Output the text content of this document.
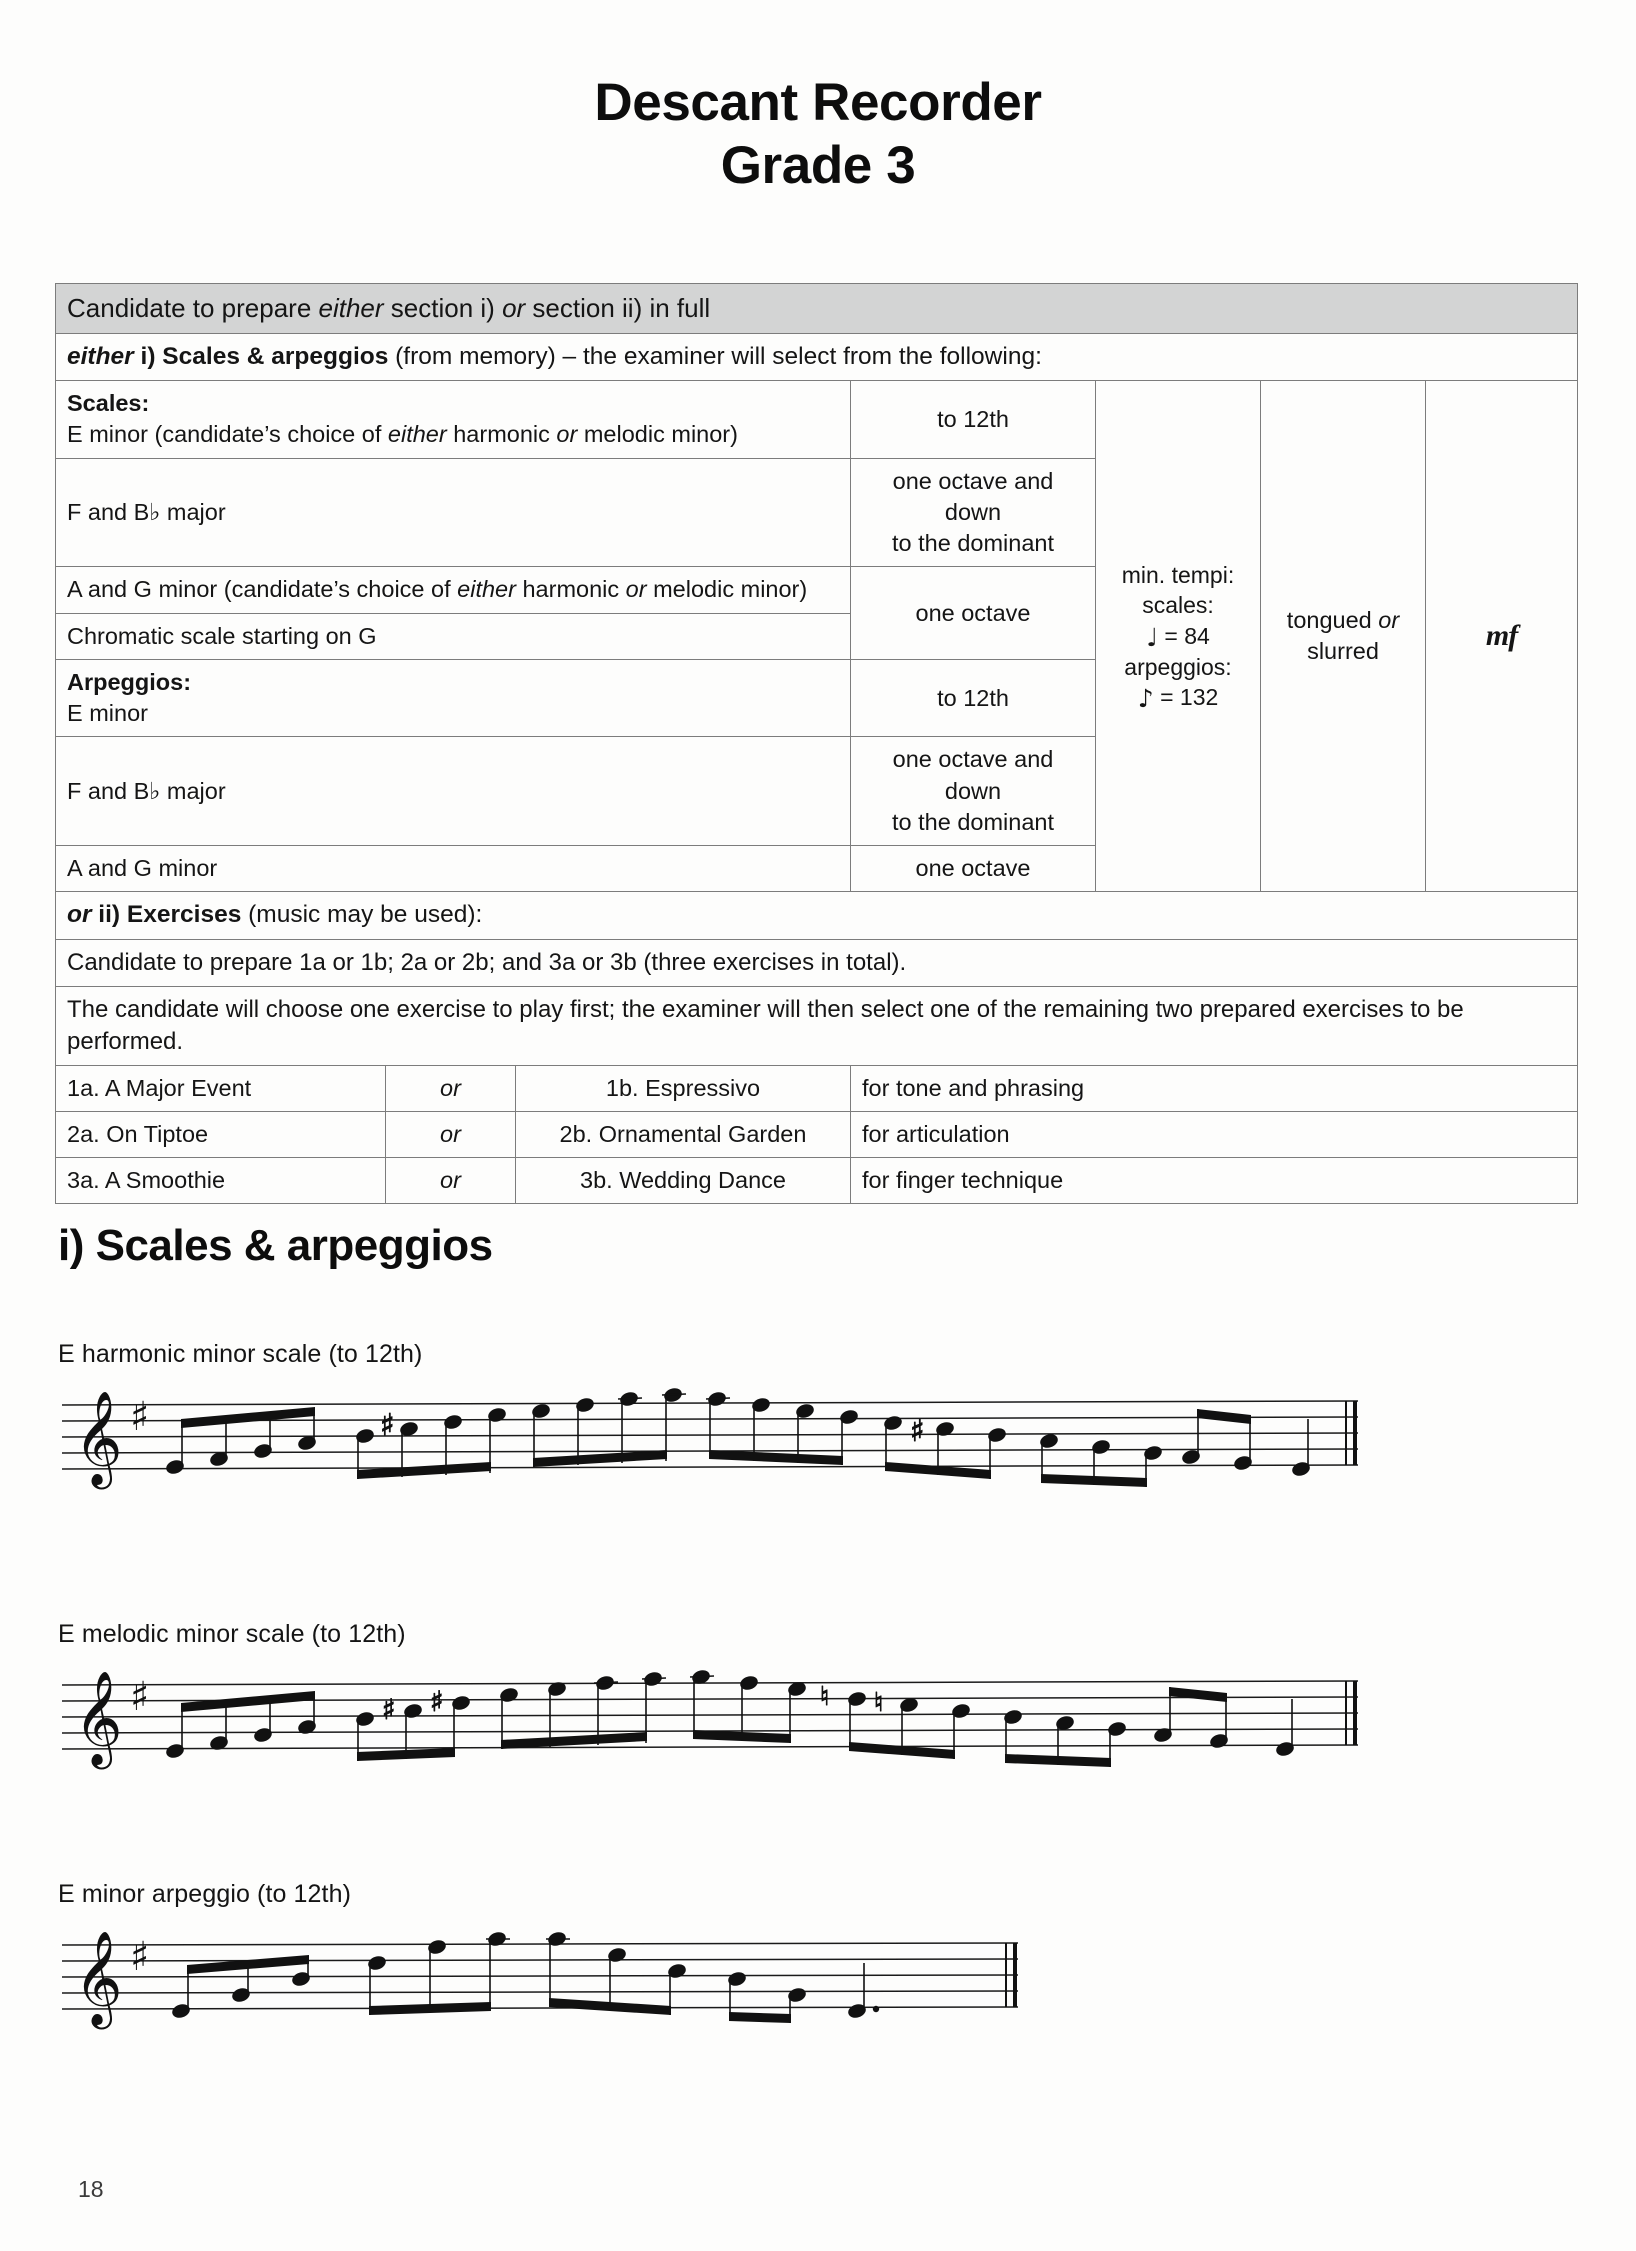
Descant Recorder
Grade 3
Candidate to prepare either section i) or section ii) in full						
either i) Scales & arpeggios (from memory) – the examiner will select from the following:						
Scales:
E minor (candidate’s choice of either harmonic or melodic minor)			to 12th	min. tempi:
scales:
♩ = 84
arpeggios:
♪ = 132	tongued or slurred	mf
F and B♭ major			one octave and down
to the dominant			
A and G minor (candidate’s choice of either harmonic or melodic minor)			one octave			
Chromatic scale starting on G						
Arpeggios:
E minor			to 12th			
F and B♭ major			one octave and down
to the dominant			
A and G minor			one octave			
or ii) Exercises (music may be used):						
Candidate to prepare 1a or 1b; 2a or 2b; and 3a or 3b (three exercises in total).						
The candidate will choose one exercise to play first; the examiner will then select one of the remaining two prepared exercises to be performed.						
1a. A Major Event	or	1b. Espressivo	for tone and phrasing			
2a. On Tiptoe	or	2b. Ornamental Garden	for articulation			
3a. A Smoothie	or	3b. Wedding Dance	for finger technique			
i) Scales & arpeggios
E harmonic minor scale (to 12th)
𝄞 ♯	♯	♯
E melodic minor scale (to 12th)
𝄞 ♯	♯ ♯	♮ ♮
E minor arpeggio (to 12th)
𝄞 ♯
18
